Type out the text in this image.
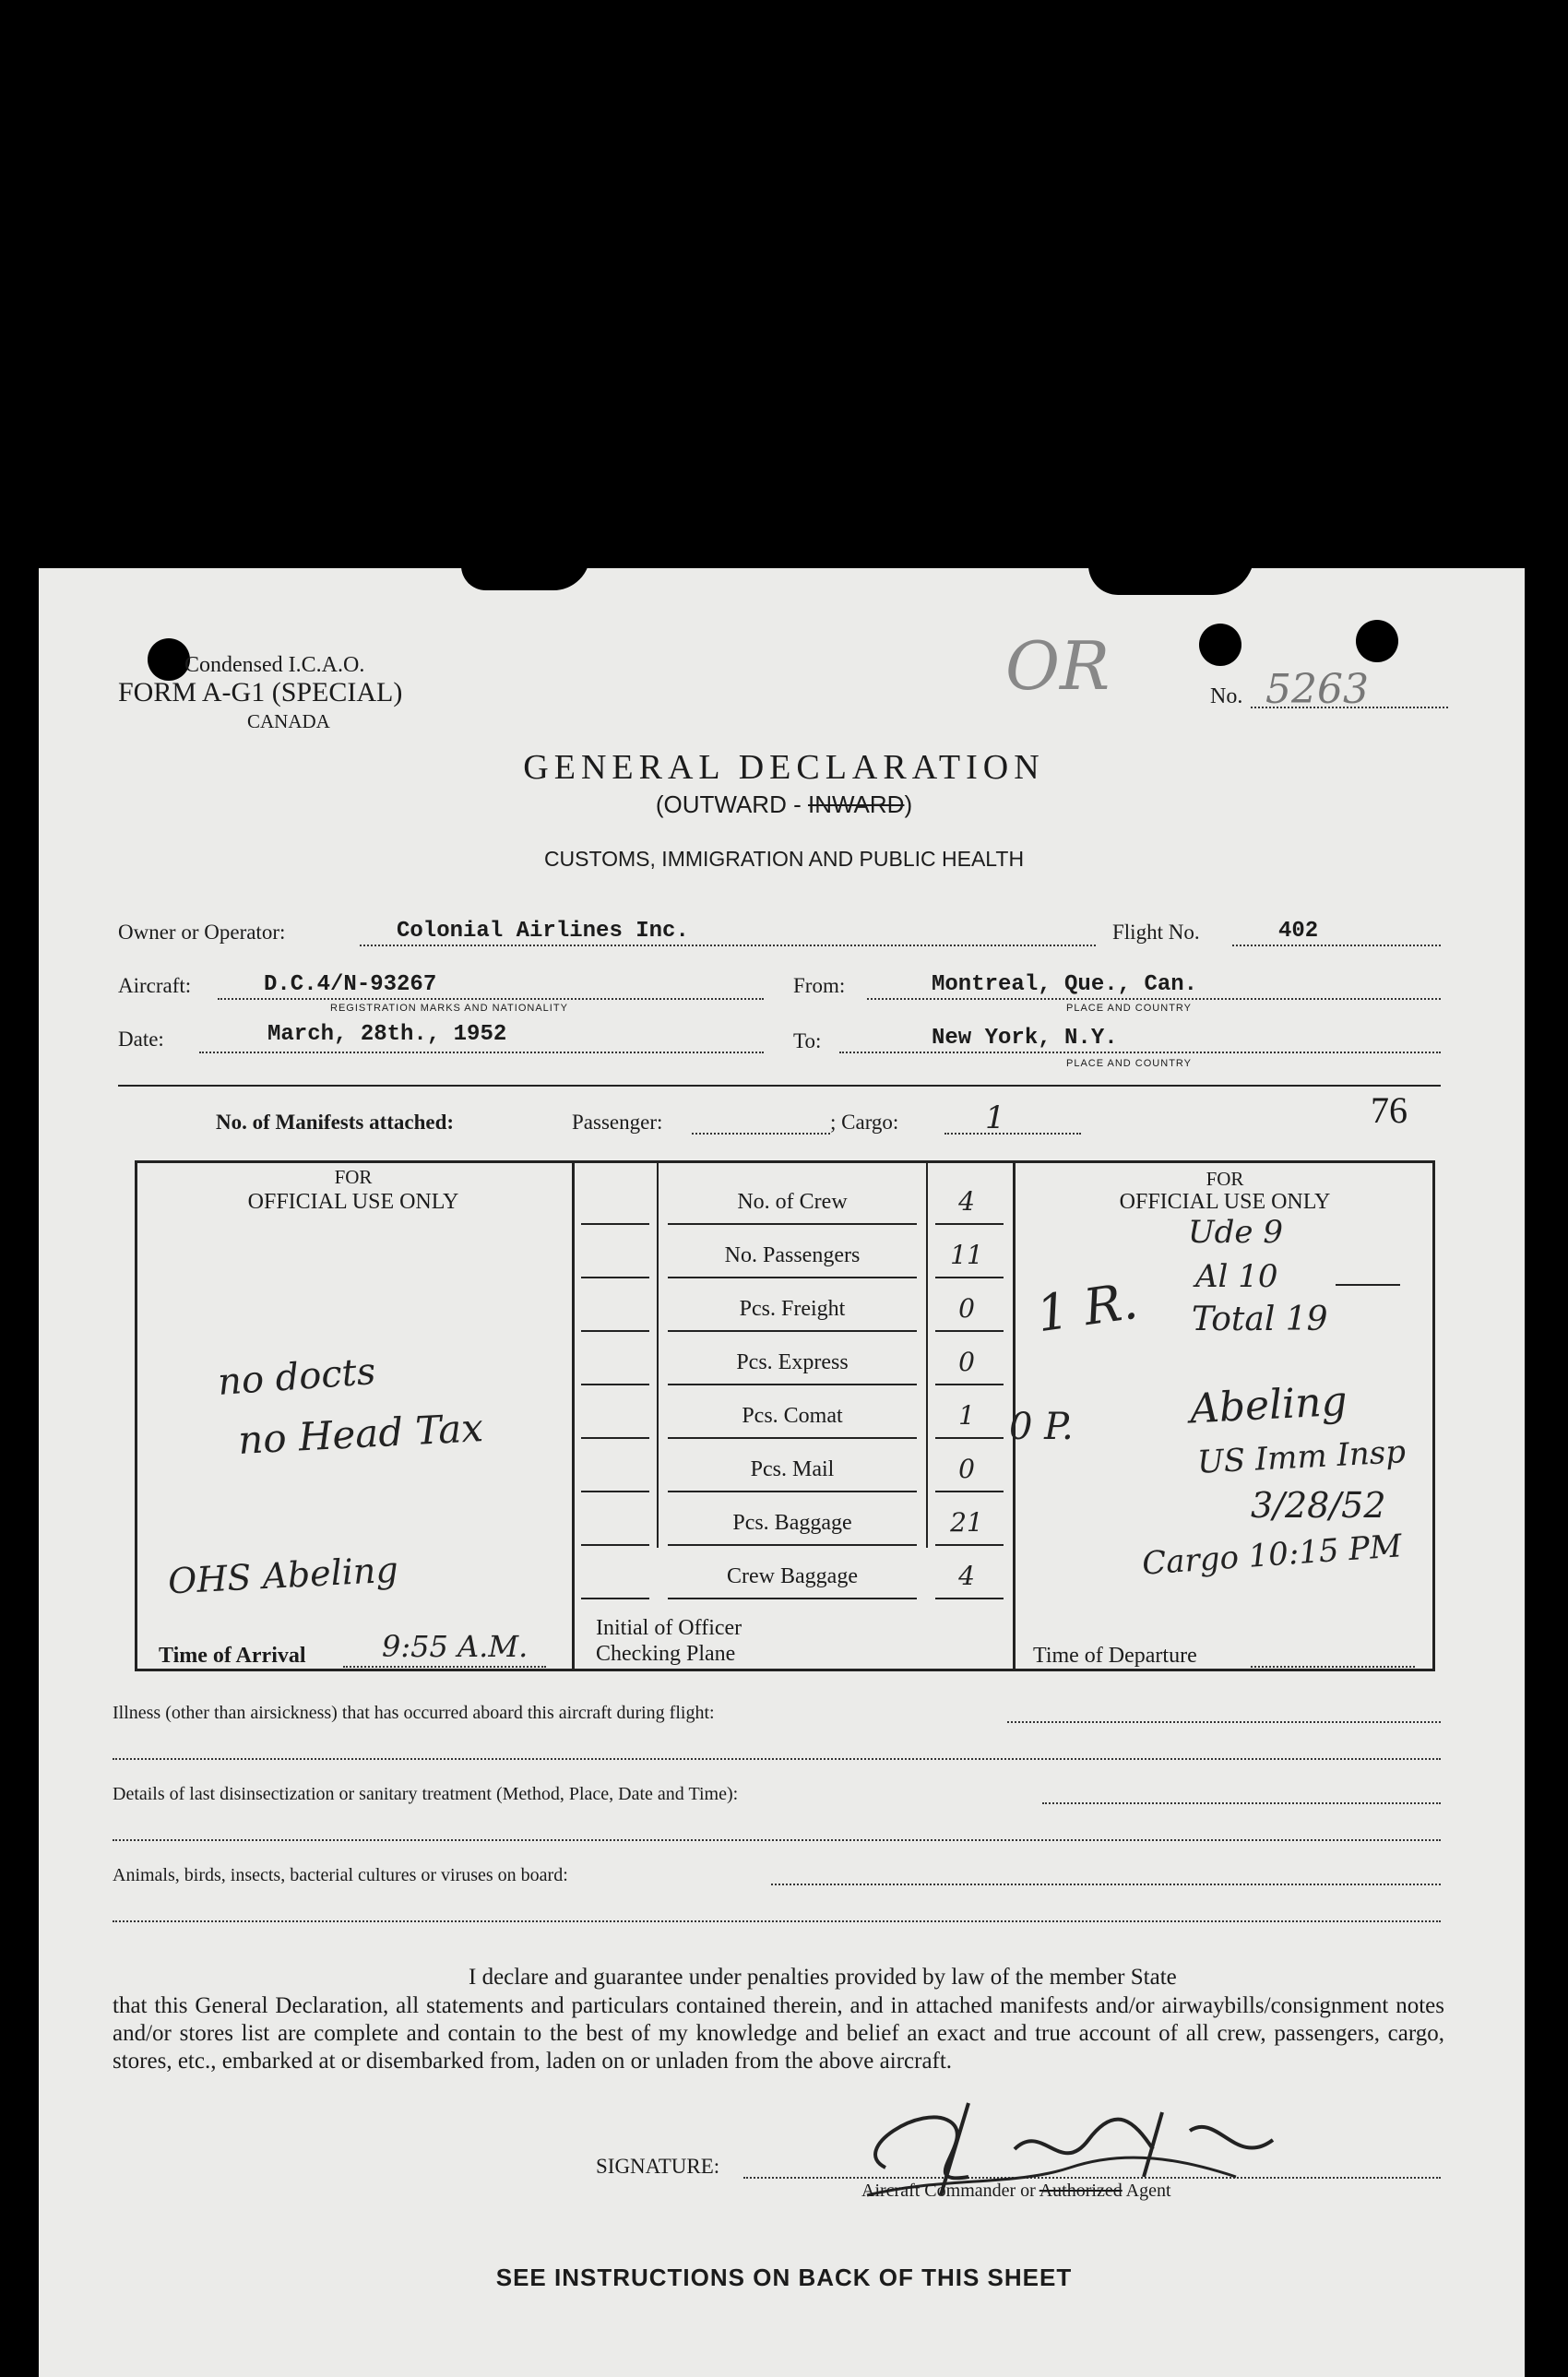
Condensed I.C.A.O.
FORM A-G1 (SPECIAL)
CANADA
OR	No. 5263
GENERAL DECLARATION
(OUTWARD - INWARD)
CUSTOMS, IMMIGRATION AND PUBLIC HEALTH
Owner or Operator:	Colonial Airlines Inc.	Flight No.	402
Aircraft:	D.C.4/N-93267
REGISTRATION MARKS AND NATIONALITY
From:	Montreal, Que., Can.
PLACE AND COUNTRY
Date:	March, 28th., 1952	To:	New York, N.Y.
PLACE AND COUNTRY
No. of Manifests attached:	Passenger:	; Cargo:	1	76
FOR
OFFICIAL USE ONLY
FOR
OFFICIAL USE ONLY
No. of Crew	4
No. Passengers	11
Pcs. Freight	0
Pcs. Express	0
Pcs. Comat	1
Pcs. Mail	0
Pcs. Baggage	21
Crew Baggage	4
no docts
no Head Tax
OHS Abeling
1 R.
Ude 9
Al 10
Total 19
0 P.	Abeling
US Imm Insp
3/28/52
Cargo 10:15 PM
Time of Arrival	9:55 A.M.
Initial of Officer
Checking Plane	Time of Departure
Illness (other than airsickness) that has occurred aboard this aircraft during flight:
Details of last disinsectization or sanitary treatment (Method, Place, Date and Time):
Animals, birds, insects, bacterial cultures or viruses on board:
I declare and guarantee under penalties provided by law of the member State
that this General Declaration, all statements and particulars contained therein, and in attached manifests and/or airwaybills/consignment notes and/or stores list are complete and contain to the best of my knowledge and belief an exact and true account of all crew, passengers, cargo, stores, etc., embarked at or disembarked from, laden on or unladen from the above aircraft.
SIGNATURE:
Aircraft Commander or Authorized Agent
SEE INSTRUCTIONS ON BACK OF THIS SHEET
